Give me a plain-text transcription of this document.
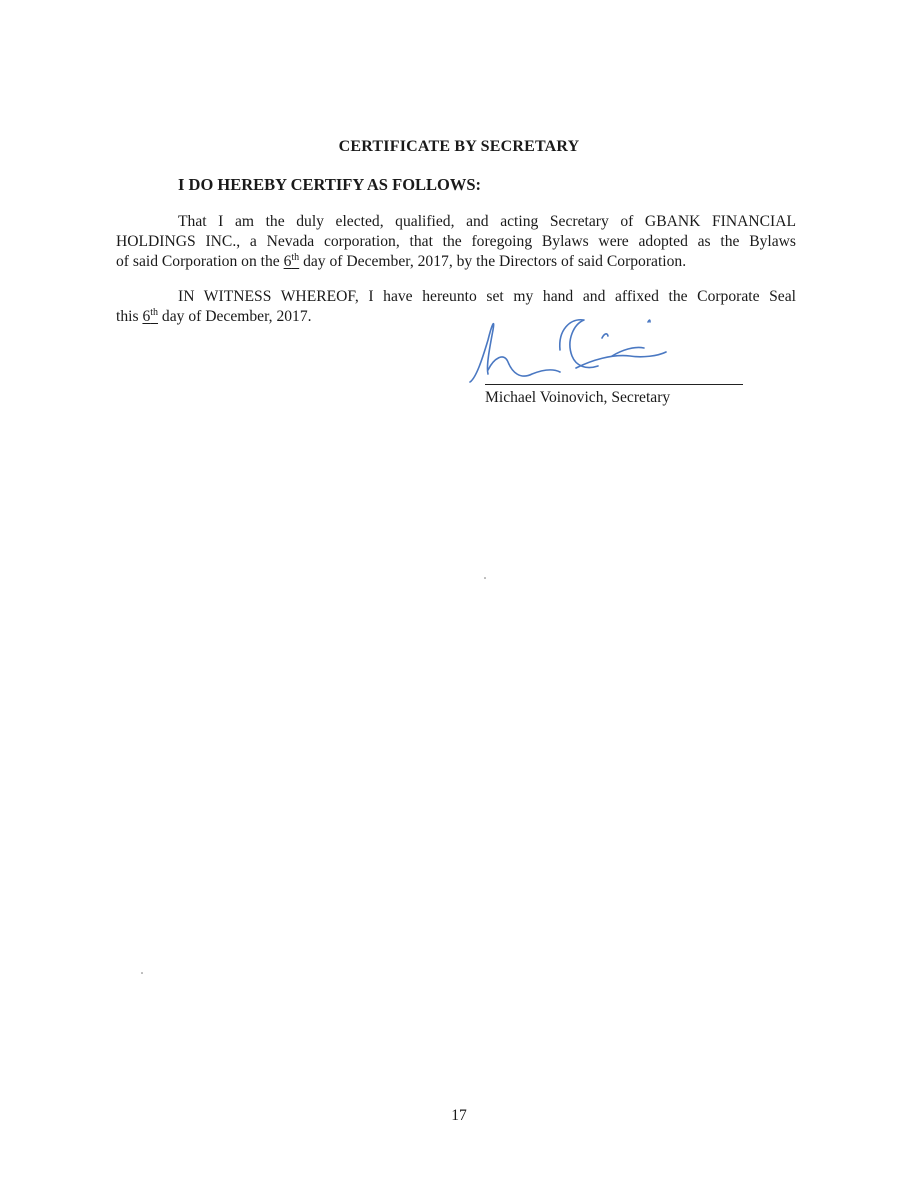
CERTIFICATE BY SECRETARY
I DO HEREBY CERTIFY AS FOLLOWS:
That I am the duly elected, qualified, and acting Secretary of GBANK FINANCIAL
HOLDINGS INC., a Nevada corporation, that the foregoing Bylaws were adopted as the Bylaws
of said Corporation on the 6th day of December, 2017, by the Directors of said Corporation.
IN WITNESS WHEREOF, I have hereunto set my hand and affixed the Corporate Seal
this 6th day of December, 2017.
Michael Voinovich, Secretary
17
